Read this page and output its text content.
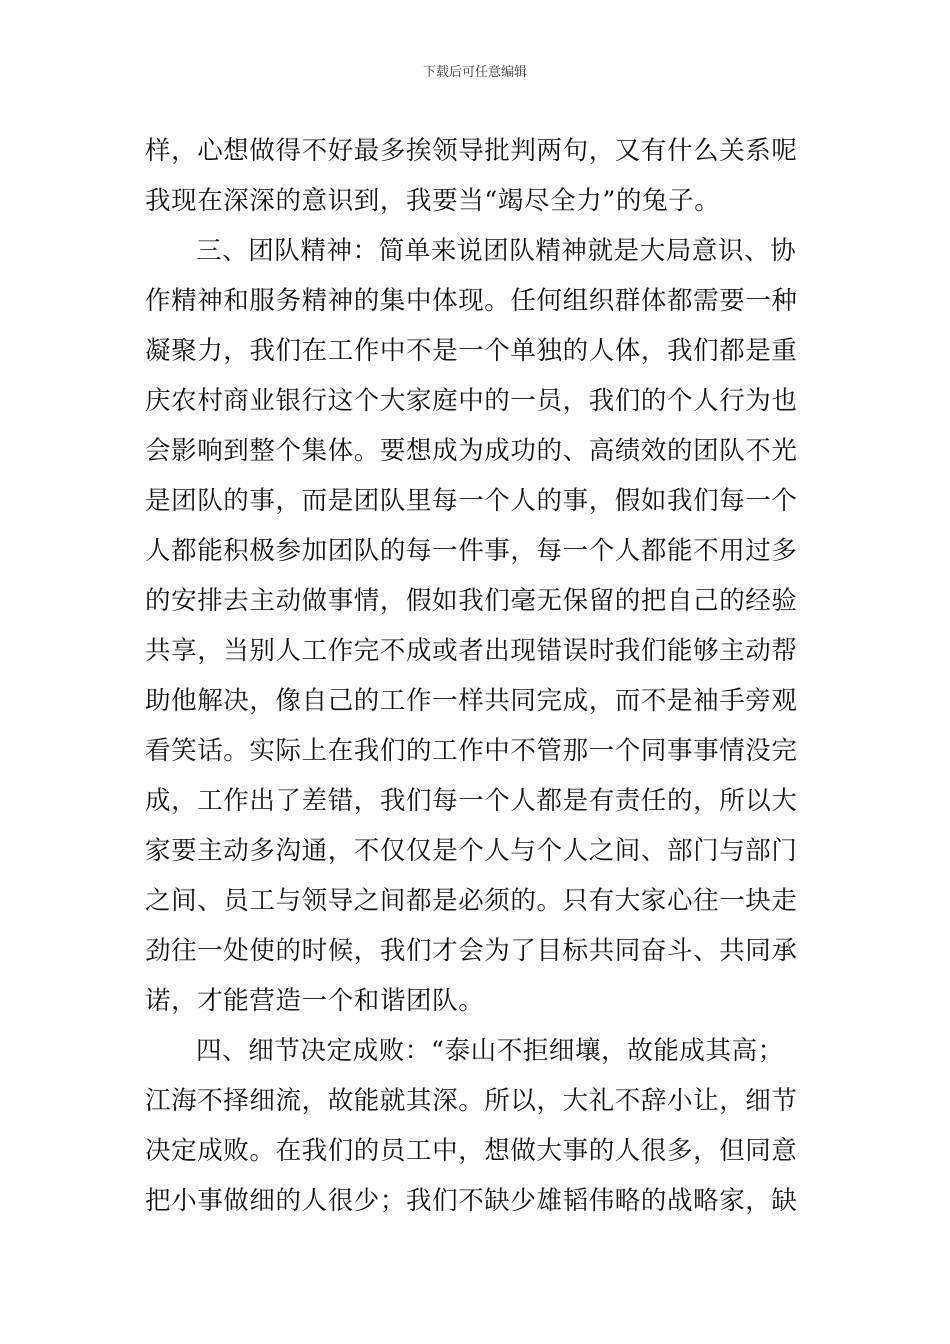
下载后可任意编辑
样，心想做得不好最多挨领导批判两句，又有什么关系呢
我现在深深的意识到，我要当“竭尽全力”的兔子。
三、团队精神：简单来说团队精神就是大局意识、协
作精神和服务精神的集中体现。任何组织群体都需要一种
凝聚力，我们在工作中不是一个单独的人体，我们都是重
庆农村商业银行这个大家庭中的一员，我们的个人行为也
会影响到整个集体。要想成为成功的、高绩效的团队不光
是团队的事，而是团队里每一个人的事，假如我们每一个
人都能积极参加团队的每一件事，每一个人都能不用过多
的安排去主动做事情，假如我们毫无保留的把自己的经验
共享，当别人工作完不成或者出现错误时我们能够主动帮
助他解决，像自己的工作一样共同完成，而不是袖手旁观
看笑话。实际上在我们的工作中不管那一个同事事情没完
成，工作出了差错，我们每一个人都是有责任的，所以大
家要主动多沟通，不仅仅是个人与个人之间、部门与部门
之间、员工与领导之间都是必须的。只有大家心往一块走
劲往一处使的时候，我们才会为了目标共同奋斗、共同承
诺，才能营造一个和谐团队。
四、细节决定成败：“泰山不拒细壤，故能成其高；
江海不择细流，故能就其深。所以，大礼不辞小让，细节
决定成败。在我们的员工中，想做大事的人很多，但同意
把小事做细的人很少；我们不缺少雄韬伟略的战略家，缺
